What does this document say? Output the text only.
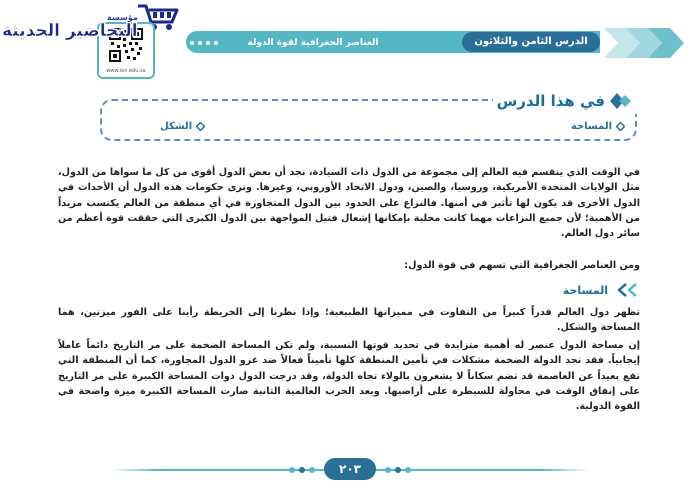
www.ien.edu.sa
مؤسسة
التحاضير الحديثة
العناصر الجغرافية لقوة الدولة	الدرس الثامن والثلاثون
في هذا الدرس
المساحة
الشكل

في الوقت الذي ينقسم فيه العالم إلى مجموعة من الدول ذات السيادة، نجد أن بعض الدول أقوى من كل ما سواها من الدول، مثل الولايات المتحدة الأمريكية، وروسيا، والصين، ودول الاتحاد الأوروبي، وغيرها. وترى حكومات هذه الدول أن الأحداث في الدول الأخرى قد يكون لها تأثير في أمنها. فالنزاع على الحدود بين الدول المتجاورة في أي منطقة من العالم يكتسب مزيداً من الأهمية؛ لأن جميع النزاعات مهما كانت محلية بإمكانها إشعال فتيل المواجهة بين الدول الكبرى التي حققت قوة أعظم من سائر دول العالم.

ومن العناصر الجغرافية التي تسهم في قوة الدول:

المساحة

تظهر دول العالم قدراً كبيراً من التفاوت في مميزاتها الطبيعية؛ وإذا نظرنا إلى الخريطة رأينا على الفور ميزتين، هما المساحة والشكل.

إن مساحة الدول عنصر له أهمية متزايدة في تحديد قوتها النسبية، ولم تكن المساحة الضخمة على مر التاريخ دائماً عاملاً إيجابياً. فقد تجد الدولة الضخمة مشكلات في تأمين المنطقة كلها تأميناً فعالاً ضد غزو الدول المجاورة، كما أن المنطقة التي تقع بعيداً عن العاصمة قد تضم سكاناً لا يشعرون بالولاء تجاه الدولة، وقد درجت الدول ذوات المساحة الكبيرة على مر التاريخ على إنفاق الوقت في محاولة للسيطرة على أراضيها. وبعد الحرب العالمية الثانية صارت المساحة الكبيرة ميزة واضحة في القوة الدولية.

٢٠٣
